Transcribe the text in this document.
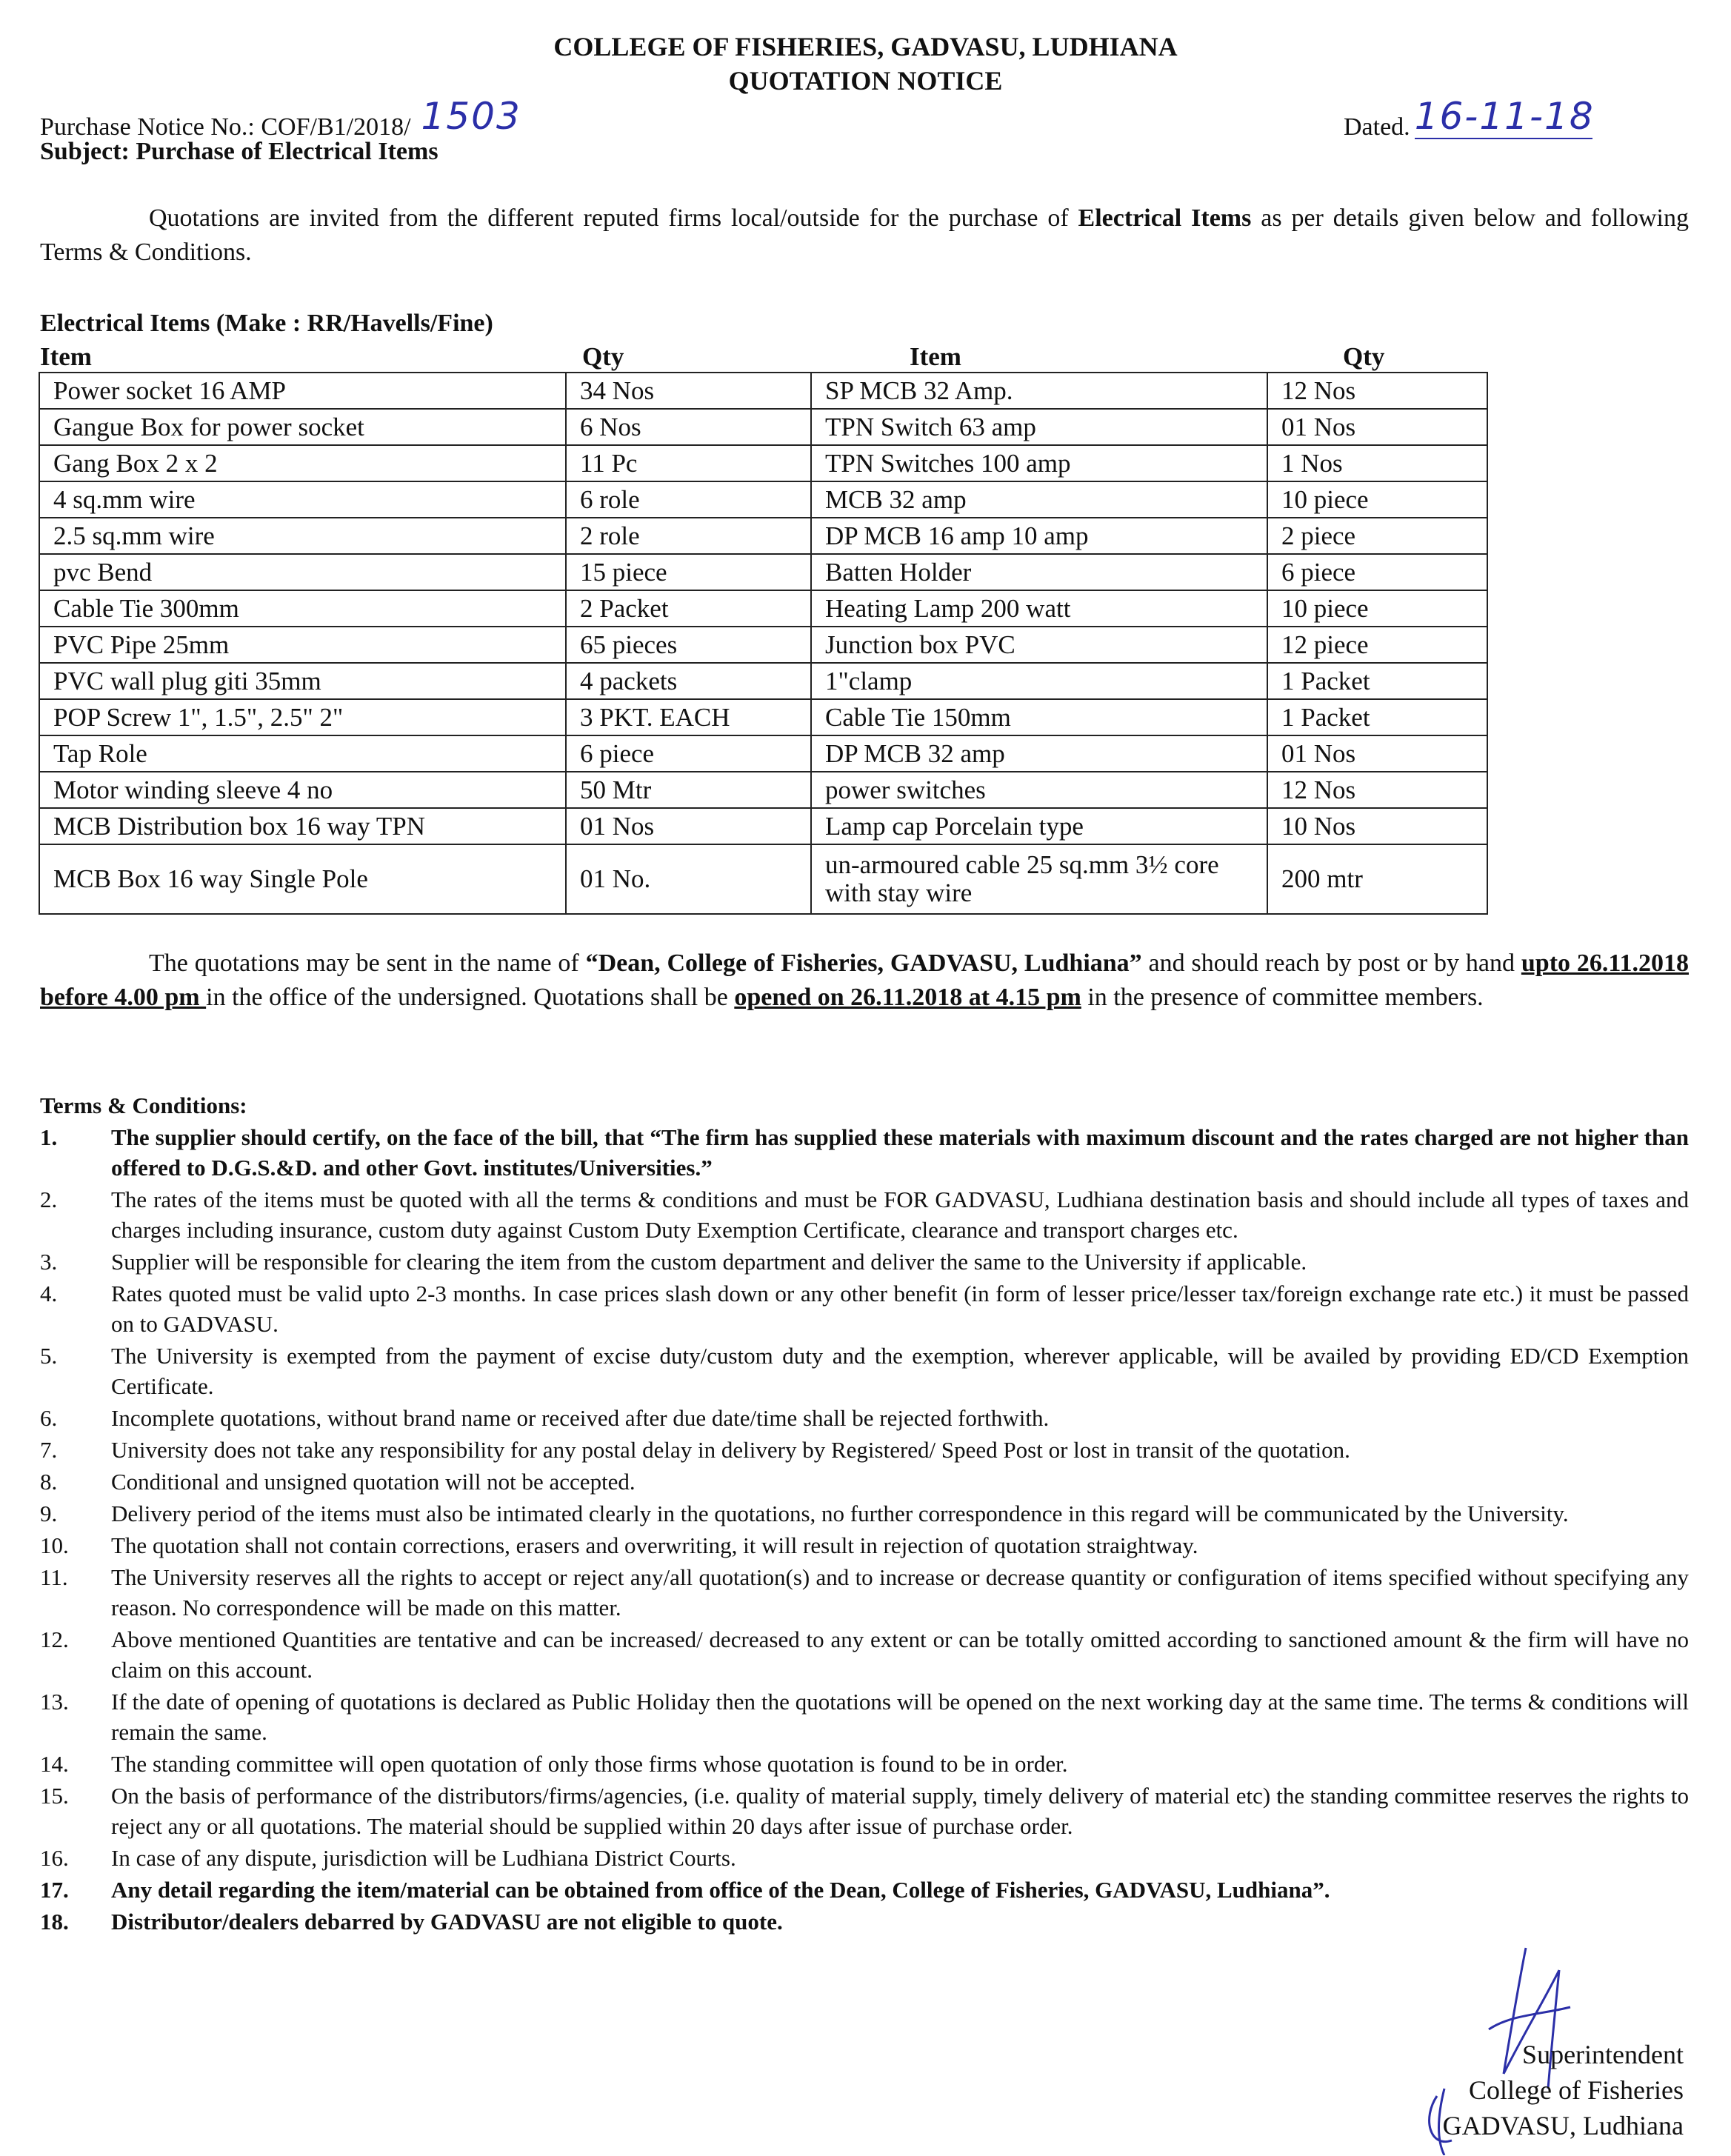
COLLEGE OF FISHERIES, GADVASU, LUDHIANA
QUOTATION NOTICE
Purchase Notice No.: COF/B1/2018/ 1503	Dated. 16-11-18
Subject: Purchase of Electrical Items
Quotations are invited from the different reputed firms local/outside for the purchase of Electrical Items as per details given below and following Terms & Conditions.
Electrical Items (Make : RR/Havells/Fine)
Item	Qty	Item	Qty
Power socket 16 AMP	34 Nos	SP MCB 32 Amp.	12 Nos
Gangue Box for power socket	6 Nos	TPN Switch 63 amp	01 Nos
Gang Box 2 x 2	11 Pc	TPN Switches 100 amp	1 Nos
4 sq.mm wire	6 role	MCB 32 amp	10 piece
2.5 sq.mm wire	2 role	DP MCB 16 amp 10 amp	2 piece
pvc Bend	15 piece	Batten Holder	6 piece
Cable Tie 300mm	2 Packet	Heating Lamp 200 watt	10 piece
PVC Pipe 25mm	65 pieces	Junction box PVC	12 piece
PVC wall plug giti 35mm	4 packets	1"clamp	1 Packet
POP Screw 1", 1.5", 2.5" 2"	3 PKT. EACH	Cable Tie 150mm	1 Packet
Tap Role	6 piece	DP MCB 32 amp	01 Nos
Motor winding sleeve 4 no	50 Mtr	power switches	12 Nos
MCB Distribution box 16 way TPN	01 Nos	Lamp cap Porcelain type	10 Nos
MCB Box 16 way Single Pole	01 No.	un-armoured cable 25 sq.mm 3½ core with stay wire	200 mtr
The quotations may be sent in the name of “Dean, College of Fisheries, GADVASU, Ludhiana” and should reach by post or by hand upto 26.11.2018 before 4.00 pm in the office of the undersigned. Quotations shall be opened on 26.11.2018 at 4.15 pm in the presence of committee members.
Terms & Conditions:
1. The supplier should certify, on the face of the bill, that “The firm has supplied these materials with maximum discount and the rates charged are not higher than offered to D.G.S.&D. and other Govt. institutes/Universities.”
2. The rates of the items must be quoted with all the terms & conditions and must be FOR GADVASU, Ludhiana destination basis and should include all types of taxes and charges including insurance, custom duty against Custom Duty Exemption Certificate, clearance and transport charges etc.
3. Supplier will be responsible for clearing the item from the custom department and deliver the same to the University if applicable.
4. Rates quoted must be valid upto 2-3 months. In case prices slash down or any other benefit (in form of lesser price/lesser tax/foreign exchange rate etc.) it must be passed on to GADVASU.
5. The University is exempted from the payment of excise duty/custom duty and the exemption, wherever applicable, will be availed by providing ED/CD Exemption Certificate.
6. Incomplete quotations, without brand name or received after due date/time shall be rejected forthwith.
7. University does not take any responsibility for any postal delay in delivery by Registered/ Speed Post or lost in transit of the quotation.
8. Conditional and unsigned quotation will not be accepted.
9. Delivery period of the items must also be intimated clearly in the quotations, no further correspondence in this regard will be communicated by the University.
10. The quotation shall not contain corrections, erasers and overwriting, it will result in rejection of quotation straightway.
11. The University reserves all the rights to accept or reject any/all quotation(s) and to increase or decrease quantity or configuration of items specified without specifying any reason. No correspondence will be made on this matter.
12. Above mentioned Quantities are tentative and can be increased/ decreased to any extent or can be totally omitted according to sanctioned amount & the firm will have no claim on this account.
13. If the date of opening of quotations is declared as Public Holiday then the quotations will be opened on the next working day at the same time. The terms & conditions will remain the same.
14. The standing committee will open quotation of only those firms whose quotation is found to be in order.
15. On the basis of performance of the distributors/firms/agencies, (i.e. quality of material supply, timely delivery of material etc) the standing committee reserves the rights to reject any or all quotations. The material should be supplied within 20 days after issue of purchase order.
16. In case of any dispute, jurisdiction will be Ludhiana District Courts.
17. Any detail regarding the item/material can be obtained from office of the Dean, College of Fisheries, GADVASU, Ludhiana”.
18. Distributor/dealers debarred by GADVASU are not eligible to quote.
Superintendent
College of Fisheries
GADVASU, Ludhiana
